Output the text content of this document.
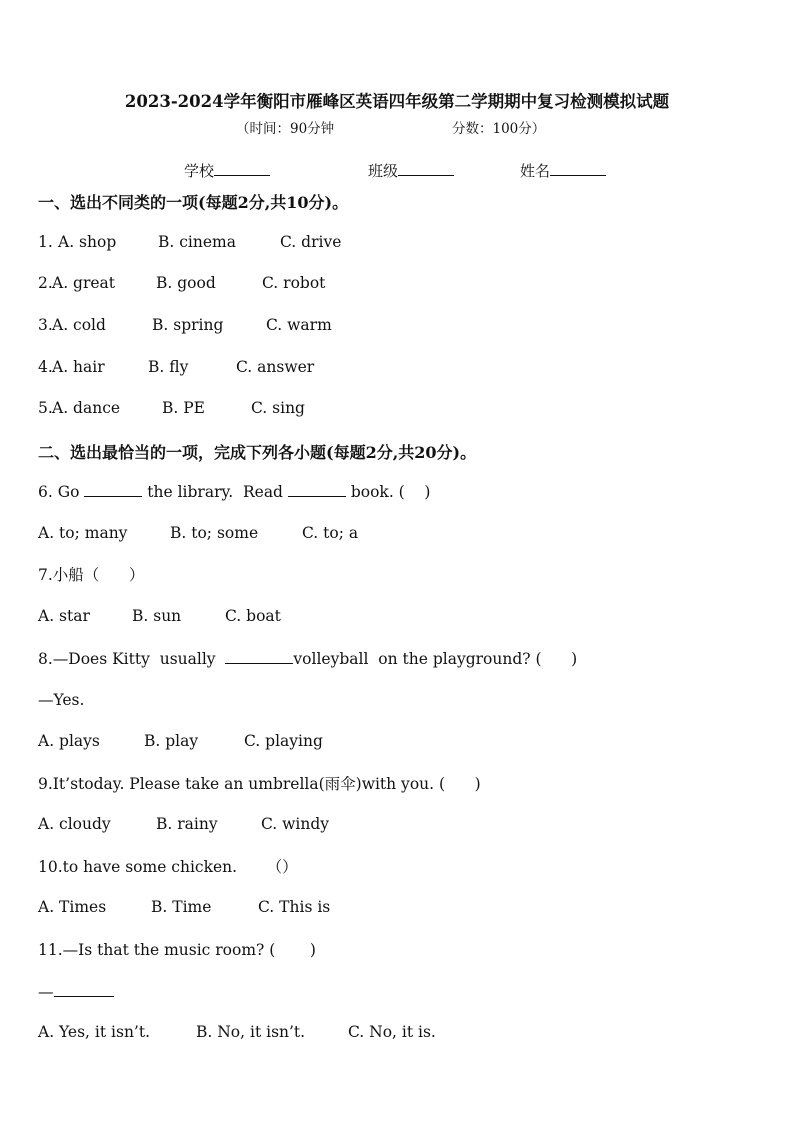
2023-2024学年衡阳市雁峰区英语四年级第二学期期中复习检测模拟试题
（时间：90分钟	分数：100分）
学校	班级	姓名
一、选出不同类的一项(每题2分,共10分)。
1. A. shop	B. cinema	C. drive
2. A. great	B. good	C. robot
3. A. cold	B. spring	C. warm
4. A. hair	B. fly	C. answer
5. A. dance	B. PE	C. sing
二、选出最恰当的一项，完成下列各小题(每题2分,共20分)。
6. Go	the library.  Read	book. (    )
A. to; many	B. to; some	C. to; a
7.小船（      ）
A. star	B. sun	C. boat
8.—Does Kitty  usually	volleyball  on the playground? (      )
—Yes.
A. plays	B. play	C. playing
9.It’stoday. Please take an umbrella(雨伞)with you. (      )
A. cloudy	B. rainy	C. windy
10.to have some chicken.      （）
A. Times	B. Time	C. This is
11.—Is that the music room? (       )
—
A. Yes, it isn’t.	B. No, it isn’t.	C. No, it is.
